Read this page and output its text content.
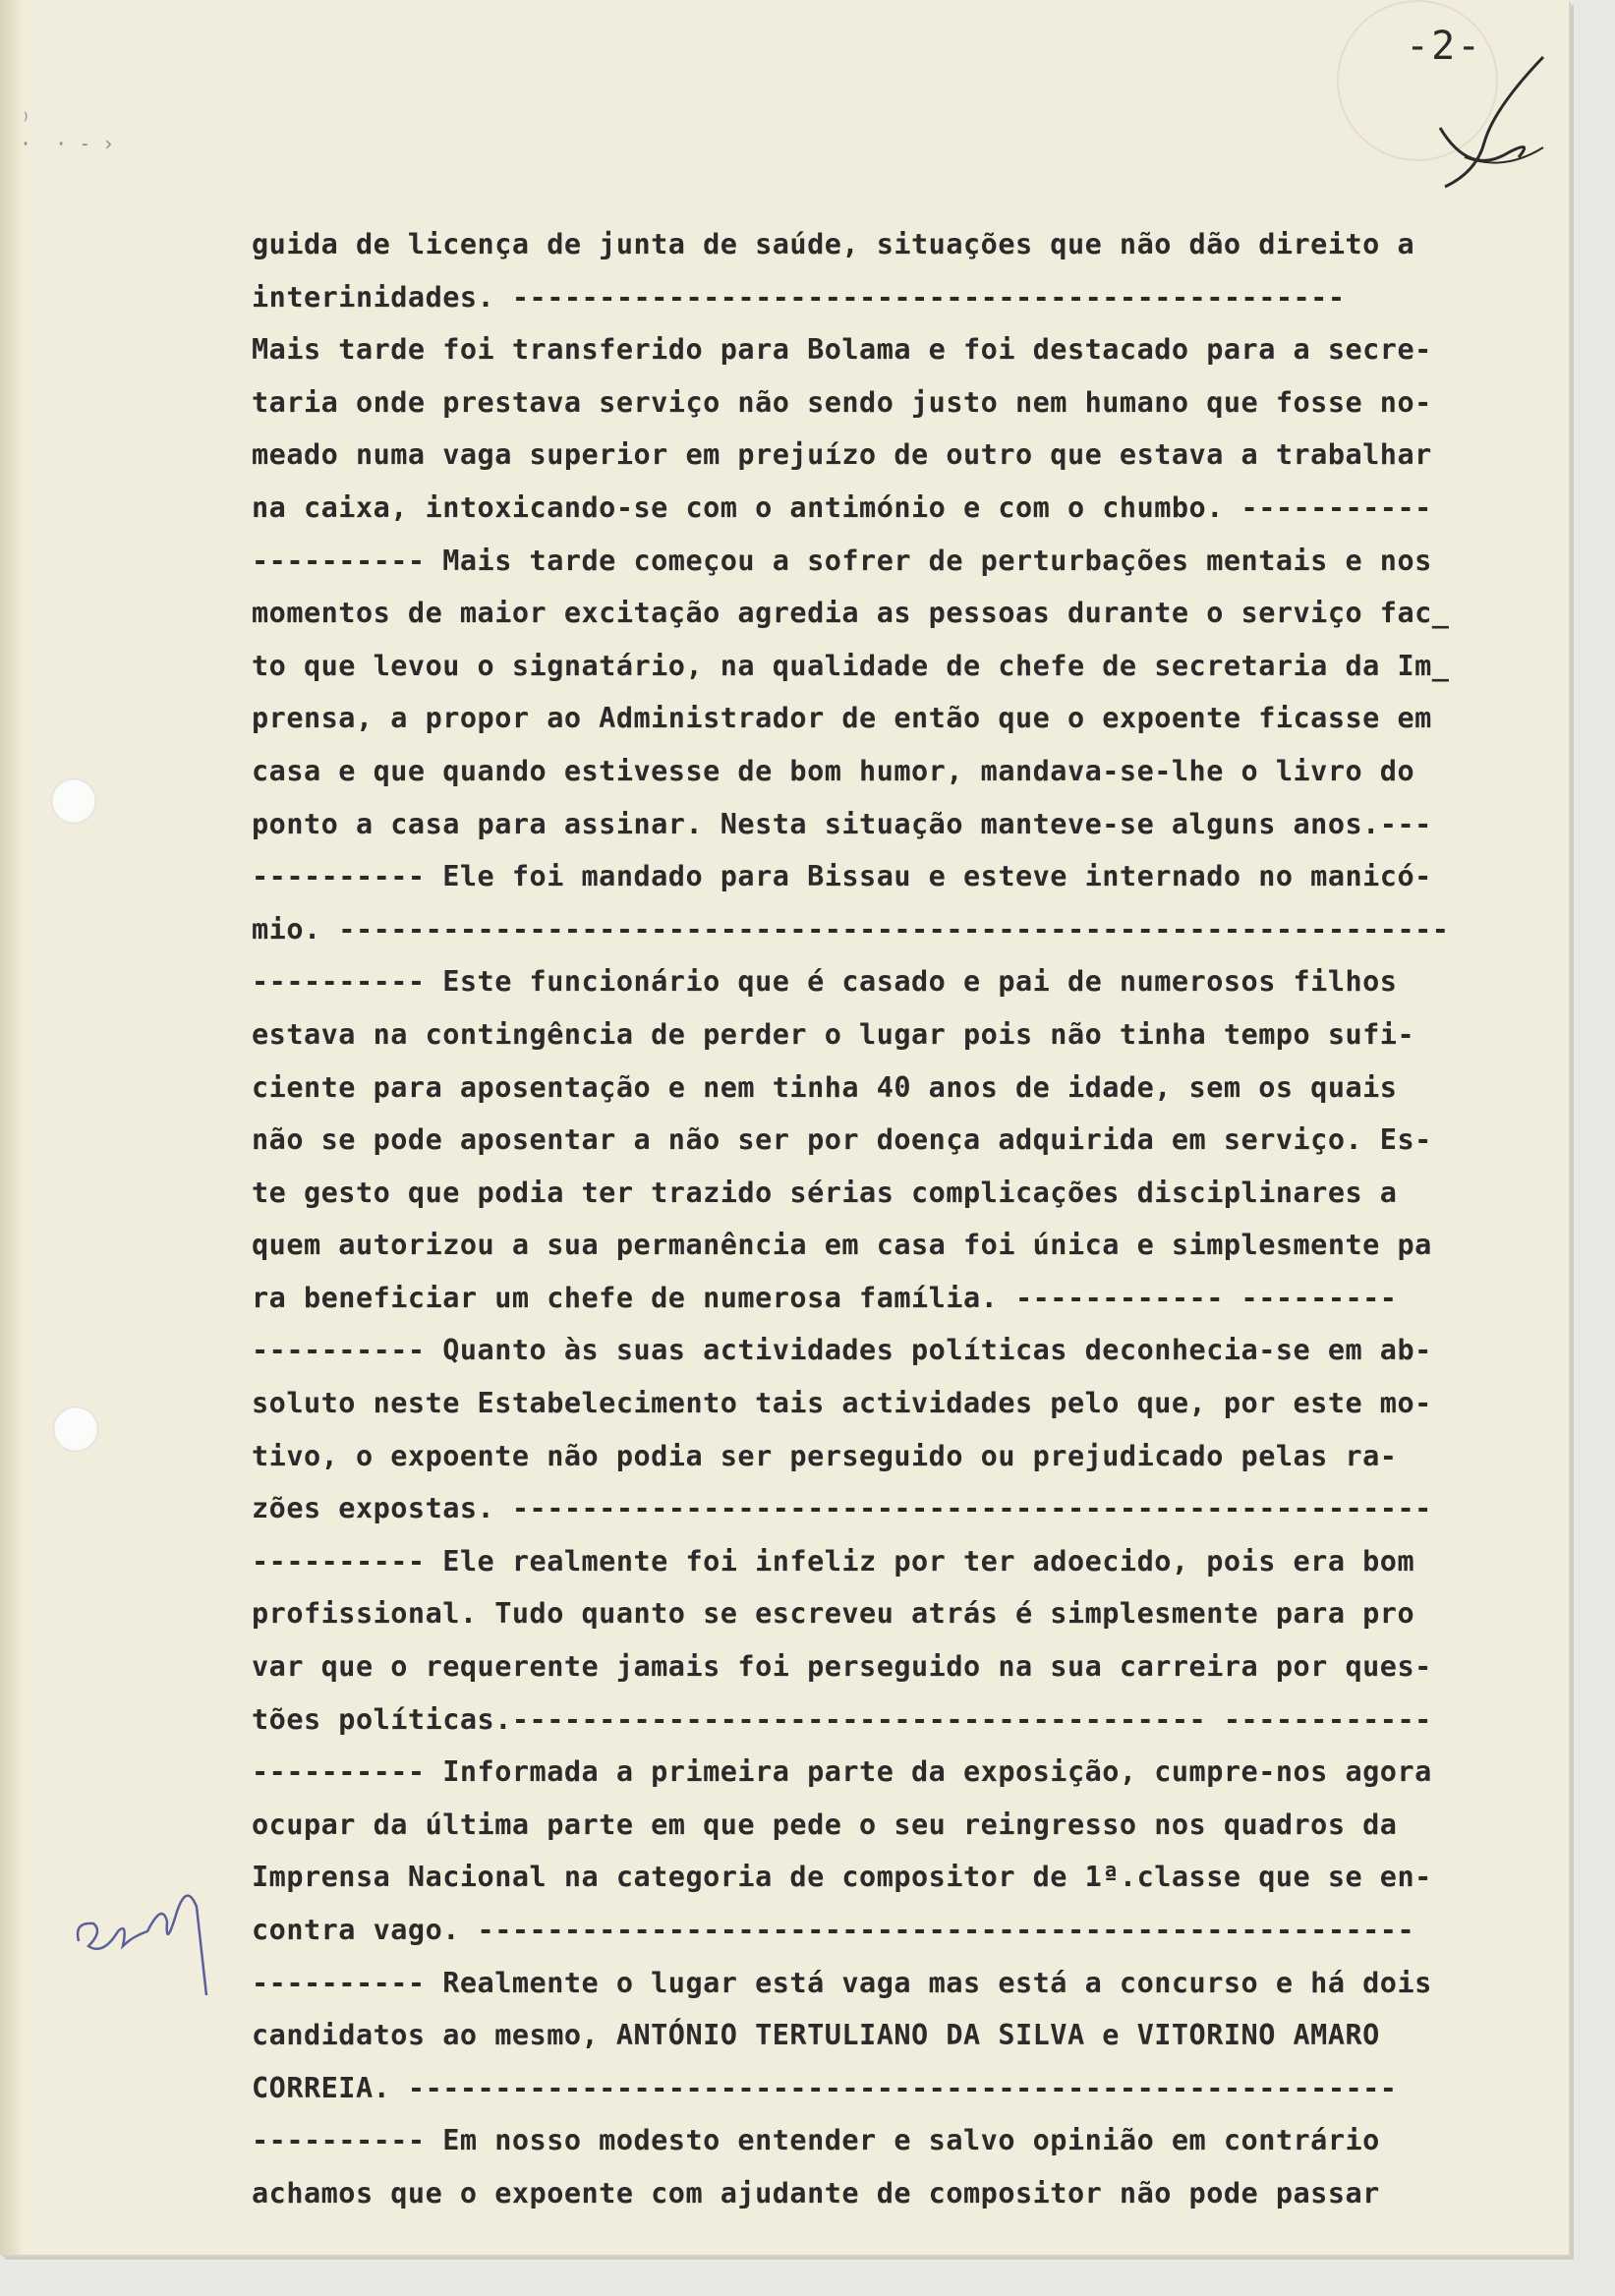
⁾
·  · - ›
-2-
guida de licença de junta de saúde, situações que não dão direito a
interinidades. ------------------------------------------------
Mais tarde foi transferido para Bolama e foi destacado para a secre-
taria onde prestava serviço não sendo justo nem humano que fosse no-
meado numa vaga superior em prejuízo de outro que estava a trabalhar
na caixa, intoxicando-se com o antimónio e com o chumbo. -----------
---------- Mais tarde começou a sofrer de perturbações mentais e nos
momentos de maior excitação agredia as pessoas durante o serviço fac_
to que levou o signatário, na qualidade de chefe de secretaria da Im_
prensa, a propor ao Administrador de então que o expoente ficasse em
casa e que quando estivesse de bom humor, mandava-se-lhe o livro do
ponto a casa para assinar. Nesta situação manteve-se alguns anos.---
---------- Ele foi mandado para Bissau e esteve internado no manicó-
mio. ----------------------------------------------------------------
---------- Este funcionário que é casado e pai de numerosos filhos
estava na contingência de perder o lugar pois não tinha tempo sufi-
ciente para aposentação e nem tinha 40 anos de idade, sem os quais
não se pode aposentar a não ser por doença adquirida em serviço. Es-
te gesto que podia ter trazido sérias complicações disciplinares a
quem autorizou a sua permanência em casa foi única e simplesmente pa
ra beneficiar um chefe de numerosa família. ------------ ---------
---------- Quanto às suas actividades políticas deconhecia-se em ab-
soluto neste Estabelecimento tais actividades pelo que, por este mo-
tivo, o expoente não podia ser perseguido ou prejudicado pelas ra-
zões expostas. -----------------------------------------------------
---------- Ele realmente foi infeliz por ter adoecido, pois era bom
profissional. Tudo quanto se escreveu atrás é simplesmente para pro
var que o requerente jamais foi perseguido na sua carreira por ques-
tões políticas.---------------------------------------- ------------
---------- Informada a primeira parte da exposição, cumpre-nos agora
ocupar da última parte em que pede o seu reingresso nos quadros da
Imprensa Nacional na categoria de compositor de 1ª.classe que se en-
contra vago. ------------------------------------------------------
---------- Realmente o lugar está vaga mas está a concurso e há dois
candidatos ao mesmo, ANTÓNIO TERTULIANO DA SILVA e VITORINO AMARO
CORREIA. ---------------------------------------------------------
---------- Em nosso modesto entender e salvo opinião em contrário
achamos que o expoente com ajudante de compositor não pode passar
